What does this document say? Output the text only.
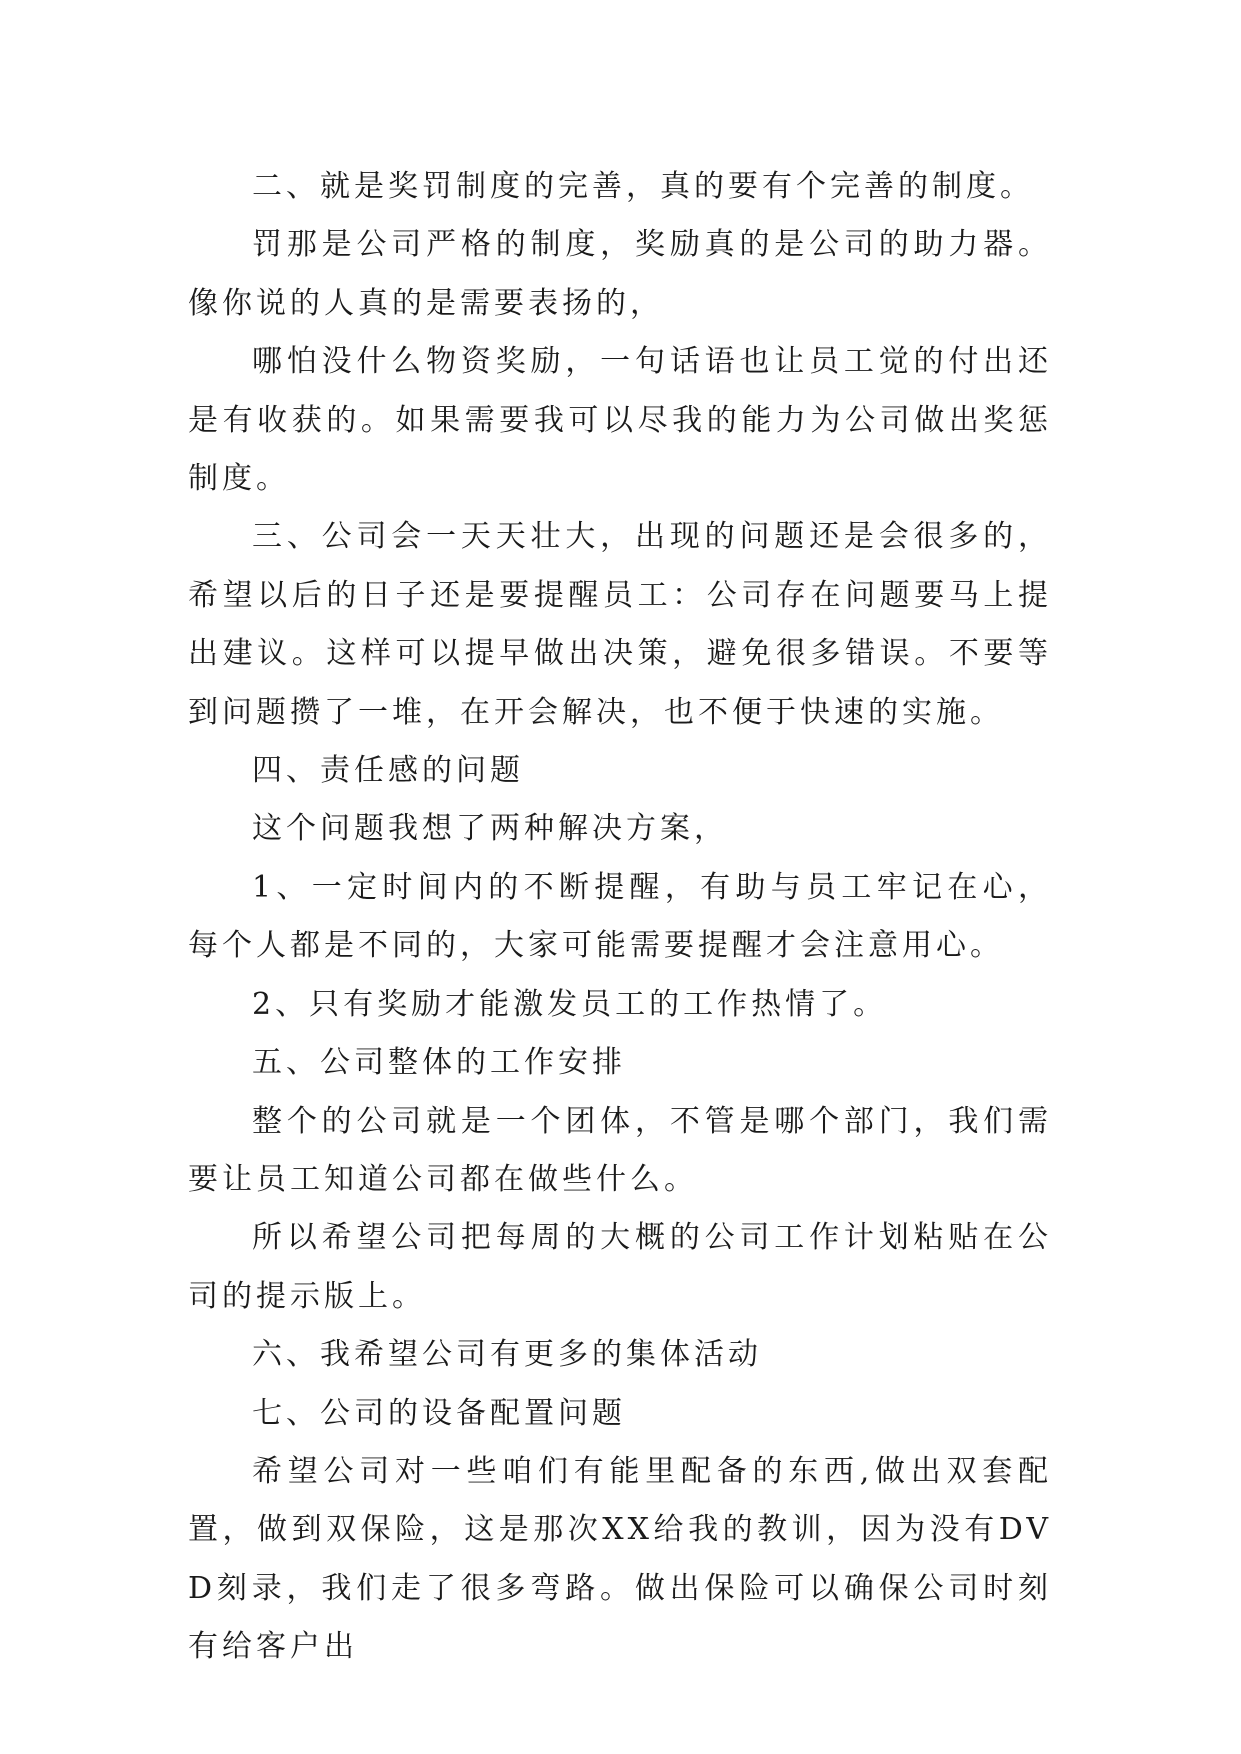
二、就是奖罚制度的完善，真的要有个完善的制度。

罚那是公司严格的制度，奖励真的是公司的助力器。像你说的人真的是需要表扬的，

哪怕没什么物资奖励，一句话语也让员工觉的付出还是有收获的。如果需要我可以尽我的能力为公司做出奖惩制度。

三、公司会一天天壮大，出现的问题还是会很多的，希望以后的日子还是要提醒员工：公司存在问题要马上提出建议。这样可以提早做出决策，避免很多错误。不要等到问题攒了一堆，在开会解决，也不便于快速的实施。

四、责任感的问题

这个问题我想了两种解决方案，

1、一定时间内的不断提醒，有助与员工牢记在心，每个人都是不同的，大家可能需要提醒才会注意用心。

2、只有奖励才能激发员工的工作热情了。

五、公司整体的工作安排

整个的公司就是一个团体，不管是哪个部门，我们需要让员工知道公司都在做些什么。

所以希望公司把每周的大概的公司工作计划粘贴在公司的提示版上。

六、我希望公司有更多的集体活动

七、公司的设备配置问题

希望公司对一些咱们有能里配备的东西,做出双套配置，做到双保险，这是那次XX给我的教训，因为没有DVD刻录，我们走了很多弯路。做出保险可以确保公司时刻有给客户出
